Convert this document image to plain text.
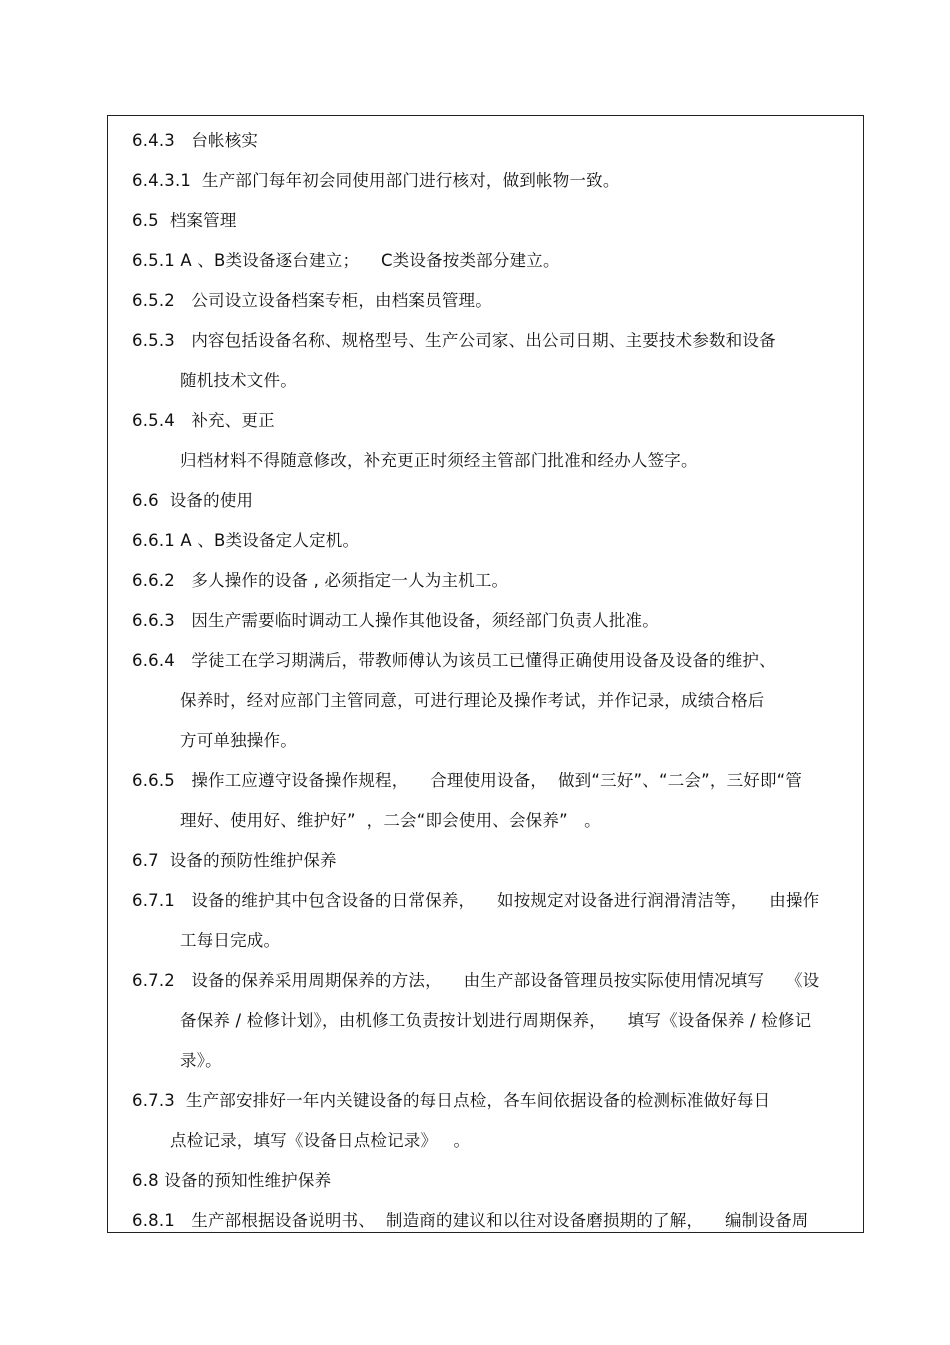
6.4.3   台帐核实
6.4.3.1  生产部门每年初会同使用部门进行核对，做到帐物一致。
6.5  档案管理
6.5.1 A 、B类设备逐台建立；    C类设备按类部分建立。
6.5.2   公司设立设备档案专柜，由档案员管理。
6.5.3   内容包括设备名称、规格型号、生产公司家、出公司日期、主要技术参数和设备
随机技术文件。
6.5.4   补充、更正
归档材料不得随意修改，补充更正时须经主管部门批准和经办人签字。
6.6  设备的使用
6.6.1 A 、B类设备定人定机。
6.6.2   多人操作的设备 , 必须指定一人为主机工。
6.6.3   因生产需要临时调动工人操作其他设备，须经部门负责人批准。
6.6.4   学徒工在学习期满后，带教师傅认为该员工已懂得正确使用设备及设备的维护、
保养时，经对应部门主管同意，可进行理论及操作考试，并作记录，成绩合格后
方可单独操作。
6.6.5   操作工应遵守设备操作规程，    合理使用设备，  做到“三好”、“二会”，三好即“管
理好、使用好、维护好”  ，二会“即会使用、会保养”   。
6.7  设备的预防性维护保养
6.7.1   设备的维护其中包含设备的日常保养，    如按规定对设备进行润滑清洁等，    由操作
工每日完成。
6.7.2   设备的保养采用周期保养的方法，    由生产部设备管理员按实际使用情况填写    《设
备保养 / 检修计划》，由机修工负责按计划进行周期保养，    填写《设备保养 / 检修记
录》。
6.7.3  生产部安排好一年内关键设备的每日点检，各车间依据设备的检测标准做好每日
点检记录，填写《设备日点检记录》   。
6.8 设备的预知性维护保养
6.8.1   生产部根据设备说明书、  制造商的建议和以往对设备磨损期的了解，    编制设备周
